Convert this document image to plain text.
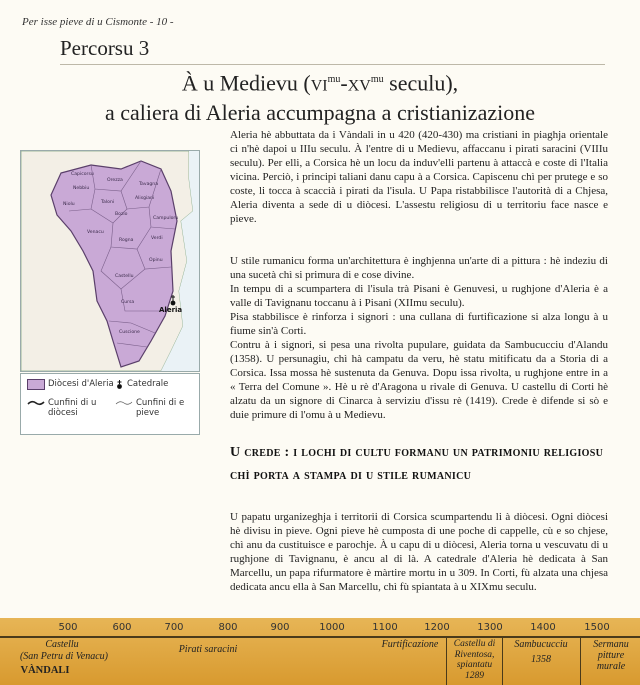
Per isse pieve di u Cismonte - 10 -
Percorsu 3
À u Medievu ($VI^{mu}-XV^{mu}$ seculu),
a caliera di Aleria accumpagna a cristianizazione
Capicorsu
Orezza
Nebbiu
Tavagna
Taloni
Alisgiani
Niolu
Bozio
Campuloru
Venacu
Verdi
Rogna
Opinu
Castellu
Cursa
Cuscione
Aleria
Diòcesi d'Aleria Catedrale
Cunfini di u diòcesi
Cunfini di e pieve

Aleria hè abbuttata da i Vàndali in u 420 (420-430) ma cristiani in piaghja orientale ci n'hè dapoi u IIIu seculu. À l'entre di u Medievu, affaccanu i pirati saracini (VIIIu seculu). Per elli, a Corsica hè un locu da induv'elli partenu à attaccà e coste di l'Italia vicina. Perciò, i principi taliani danu capu à a Corsica. Capiscenu chì per prutege e so coste, li tocca à scaccià i pirati da l'isula. U Papa ristabbilisce l'autorità di a Chjesa, Aleria diventa a sede di u diòcesi. L'assestu religiosu di u territoriu face nasce e pieve.

U stile rumanicu forma un'architettura è inghjenna un'arte di a pittura : hè indeziu di una sucetà chì si primura di e cose divine.

In tempu di a scumpartera di l'isula trà Pisani è Genuvesi, u rughjone d'Aleria è a valle di Tavignanu toccanu à i Pisani (XIImu seculu).

Pisa stabbilisce è rinforza i signori : una cullana di furtificazione si alza longu à u fiume sin'à Corti.

Contru à i signori, si pesa una rivolta pupulare, guidata da Sambucucciu d'Alandu (1358). U persunagiu, chì hà campatu da veru, hè statu mitificatu da a Storia di a Corsica. Issa mossa hè sustenuta da Genuva. Dopu issa rivolta, u rughjone entre in a « Terra del Comune ». Hè u rè d'Aragona u rivale di Genuva. U castellu di Corti hè alzatu da un signore di Cinarca à serviziu d'issu rè (1419). Crede è difende si sò e duie primure di l'omu à u Medievu.

U crede : i lochi di cultu formanu un patrimoniu religiosu chì porta a stampa di u stile rumanicu

U papatu urganizeghja i territorii di Corsica scumpartendu li à diòcesi. Ogni diòcesi hè divisu in pieve. Ogni pieve hè cumposta di une poche di cappelle, cù e so chjese, chì anu da custituisce e parochje. À u capu di u diòcesi, Aleria torna u vescuvatu di u rughjone di Tavignanu, è ancu al di là. A catedrale d'Aleria hè dedicata à San Marcellu, un papa rifurmatore è màrtire mortu in u 309. In Corti, fù alzata una chjesa dedicata ancu ella à San Marcellu, chì fù spiantata à u XIXmu seculu.

500	600	700	800	900	1000	1100	1200	1300	1400	1500
Castellu
(San Petru di Venacu)
VÀNDALI
Pirati saracini	Furtificazione	Castellu di
Riventosa,
spiantatu
1289
Sambucucciu
1358
Sermanu
pitture
murale
